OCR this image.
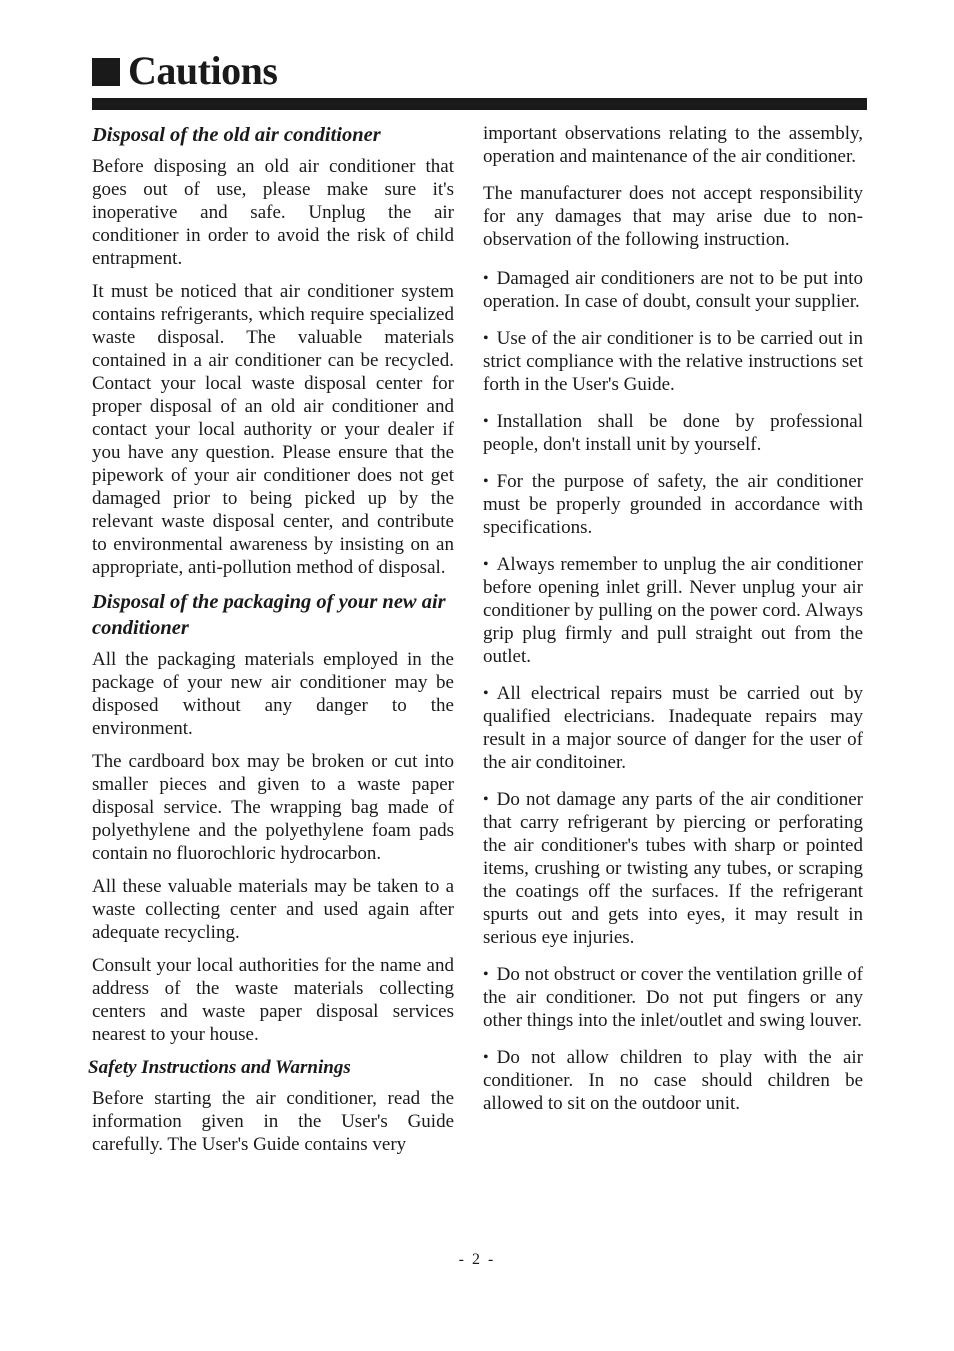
Cautions
Disposal of the old air conditioner

Before disposing an old air conditioner that goes out of use, please make sure it's inoperative and safe. Unplug the air conditioner in order to avoid the risk of child entrapment.

It must be noticed that air conditioner system contains refrigerants, which require specialized waste disposal. The valuable materials contained in a air conditioner can be recycled. Contact your local waste disposal center for proper disposal of an old air conditioner and contact your local authority or your dealer if you have any question. Please ensure that the pipework of your air conditioner does not get damaged prior to being picked up by the relevant waste disposal center, and contribute to environmental awareness by insisting on an appropriate, anti-pollution method of disposal.

Disposal of the packaging of your new air conditioner

All the packaging materials employed in the package of your new air conditioner may be disposed without any danger to the environment.

The cardboard box may be broken or cut into smaller pieces and given to a waste paper disposal service. The wrapping bag made of polyethylene and the polyethylene foam pads contain no fluorochloric hydrocarbon.

All these valuable materials may be taken to a waste collecting center and used again after adequate recycling.

Consult your local authorities for the name and address of the waste materials collecting centers and waste paper disposal services nearest to your house.

Safety Instructions and Warnings

Before starting the air conditioner, read the information given in the User's Guide carefully. The User's Guide contains very

important observations relating to the assembly, operation and maintenance of the air conditioner.

The manufacturer does not accept responsibility for any damages that may arise due to non-observation of the following instruction.

• Damaged air conditioners are not to be put into operation. In case of doubt, consult your supplier.
• Use of the air conditioner is to be carried out in strict compliance with the relative instructions set forth in the User's Guide.
• Installation shall be done by professional people, don't install unit by yourself.
• For the purpose of safety, the air conditioner must be properly grounded in accordance with specifications.
• Always remember to unplug the air conditioner before opening inlet grill. Never unplug your air conditioner by pulling on the power cord. Always grip plug firmly and pull straight out from the outlet.
• All electrical repairs must be carried out by qualified electricians. Inadequate repairs may result in a major source of danger for the user of the air conditoiner.
• Do not damage any parts of the air conditioner that carry refrigerant by piercing or perforating the air conditioner's tubes with sharp or pointed items, crushing or twisting any tubes, or scraping the coatings off the surfaces. If the refrigerant spurts out and gets into eyes, it may result in serious eye injuries.
• Do not obstruct or cover the ventilation grille of the air conditioner. Do not put fingers or any other things into the inlet/outlet and swing louver.
• Do not allow children to play with the air conditioner. In no case should children be allowed to sit on the outdoor unit.
- 2 -
